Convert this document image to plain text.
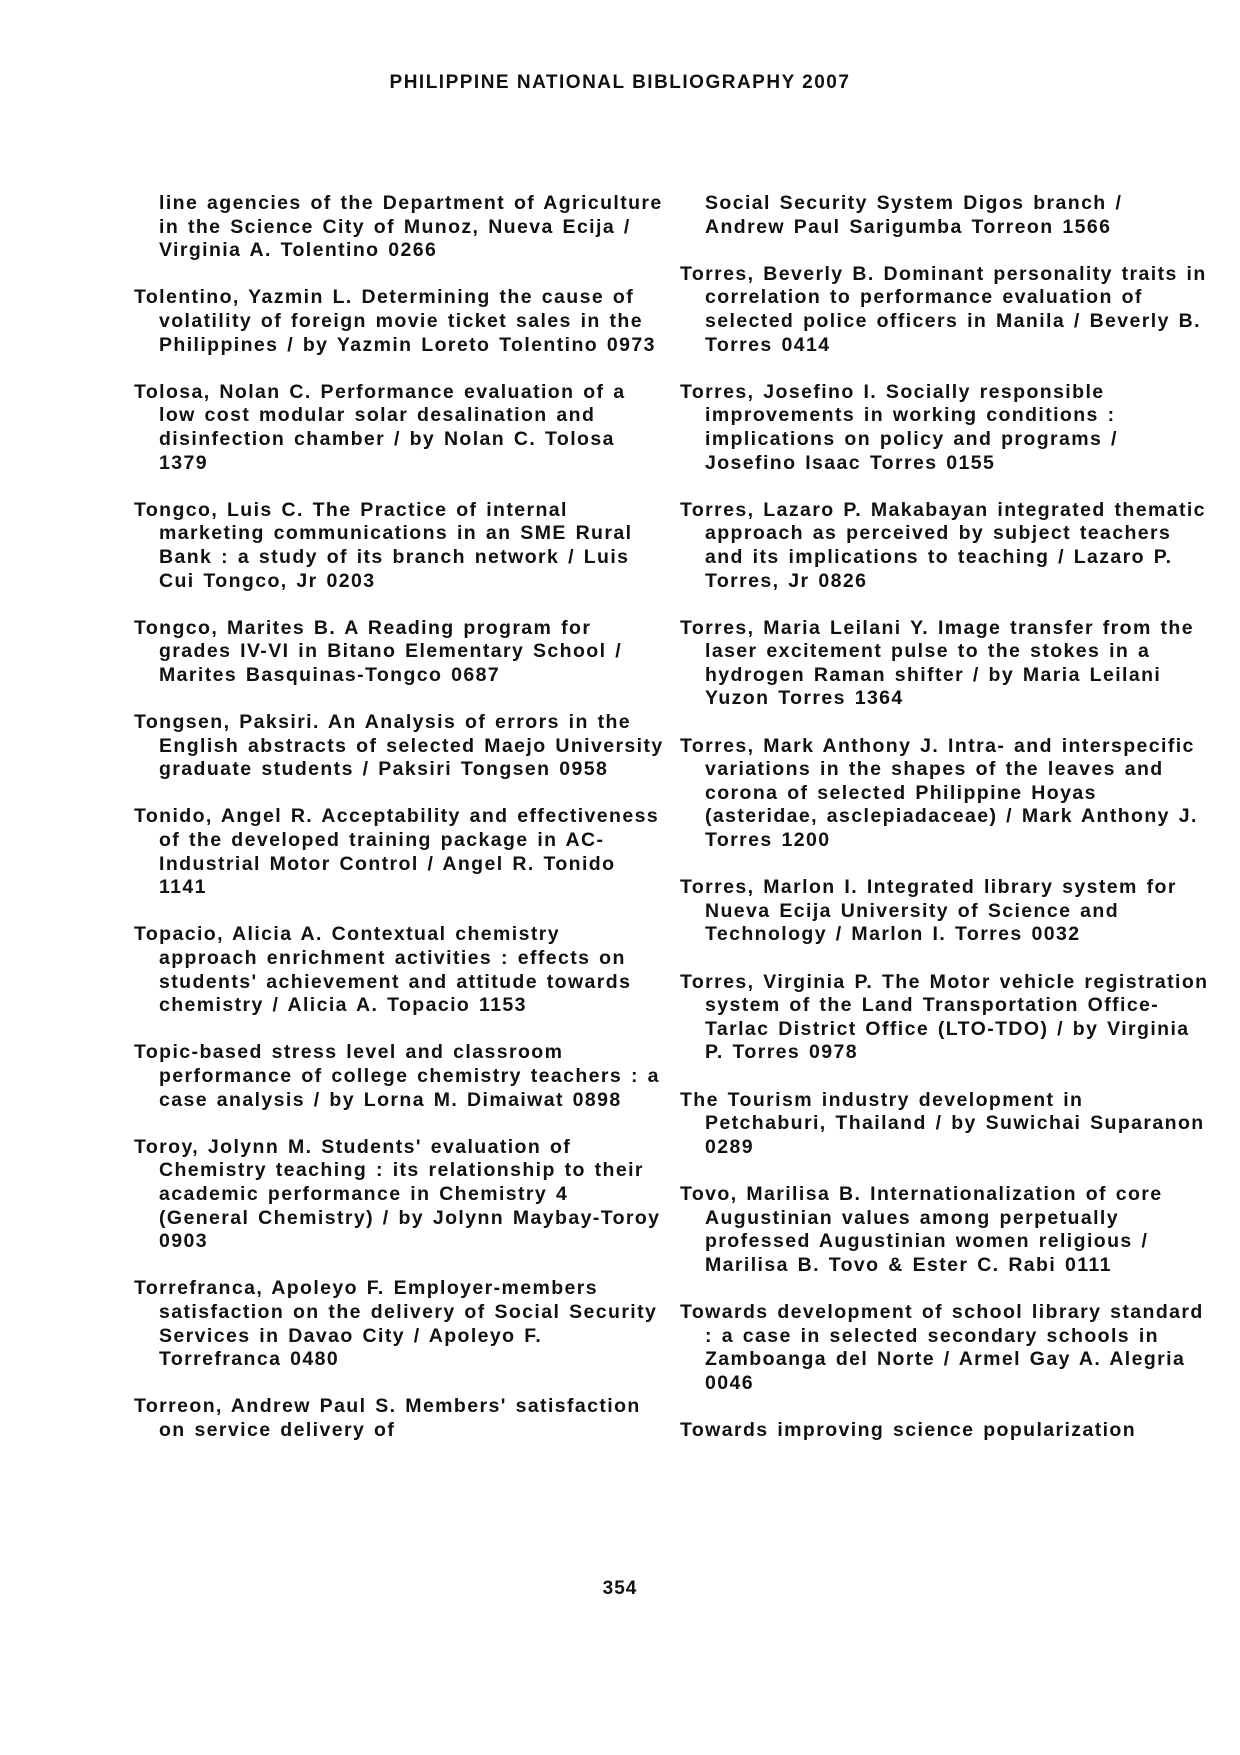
PHILIPPINE NATIONAL BIBLIOGRAPHY 2007

line agencies of the Department of Agriculture in the Science City of Munoz, Nueva Ecija / Virginia A. Tolentino 0266

Tolentino, Yazmin L. Determining the cause of volatility of foreign movie ticket sales in the Philippines / by Yazmin Loreto Tolentino 0973

Tolosa, Nolan C. Performance evaluation of a low cost modular solar desalination and disinfection chamber / by Nolan C. Tolosa 1379

Tongco, Luis C. The Practice of internal marketing communications in an SME Rural Bank : a study of its branch network / Luis Cui Tongco, Jr 0203

Tongco, Marites B. A Reading program for grades IV-VI in Bitano Elementary School / Marites Basquinas-Tongco 0687

Tongsen, Paksiri. An Analysis of errors in the English abstracts of selected Maejo University graduate students / Paksiri Tongsen 0958

Tonido, Angel R. Acceptability and effectiveness of the developed training package in AC-Industrial Motor Control / Angel R. Tonido 1141

Topacio, Alicia A. Contextual chemistry approach enrichment activities : effects on students' achievement and attitude towards chemistry / Alicia A. Topacio 1153

Topic-based stress level and classroom performance of college chemistry teachers : a case analysis / by Lorna M. Dimaiwat 0898

Toroy, Jolynn M. Students' evaluation of Chemistry teaching : its relationship to their academic performance in Chemistry 4 (General Chemistry) / by Jolynn Maybay-Toroy 0903

Torrefranca, Apoleyo F. Employer-members satisfaction on the delivery of Social Security Services in Davao City / Apoleyo F. Torrefranca 0480

Torreon, Andrew Paul S. Members' satisfaction on service delivery of

Social Security System Digos branch / Andrew Paul Sarigumba Torreon 1566

Torres, Beverly B. Dominant personality traits in correlation to performance evaluation of selected police officers in Manila / Beverly B. Torres 0414

Torres, Josefino I. Socially responsible improvements in working conditions : implications on policy and programs / Josefino Isaac Torres 0155

Torres, Lazaro P. Makabayan integrated thematic approach as perceived by subject teachers and its implications to teaching / Lazaro P. Torres, Jr 0826

Torres, Maria Leilani Y. Image transfer from the laser excitement pulse to the stokes in a hydrogen Raman shifter / by Maria Leilani Yuzon Torres 1364

Torres, Mark Anthony J. Intra- and interspecific variations in the shapes of the leaves and corona of selected Philippine Hoyas (asteridae, asclepiadaceae) / Mark Anthony J. Torres 1200

Torres, Marlon I. Integrated library system for Nueva Ecija University of Science and Technology / Marlon I. Torres 0032

Torres, Virginia P. The Motor vehicle registration system of the Land Transportation Office-Tarlac District Office (LTO-TDO) / by Virginia P. Torres 0978

The Tourism industry development in Petchaburi, Thailand / by Suwichai Suparanon 0289

Tovo, Marilisa B. Internationalization of core Augustinian values among perpetually professed Augustinian women religious / Marilisa B. Tovo & Ester C. Rabi 0111

Towards development of school library standard : a case in selected secondary schools in Zamboanga del Norte / Armel Gay A. Alegria 0046

Towards improving science popularization

354
